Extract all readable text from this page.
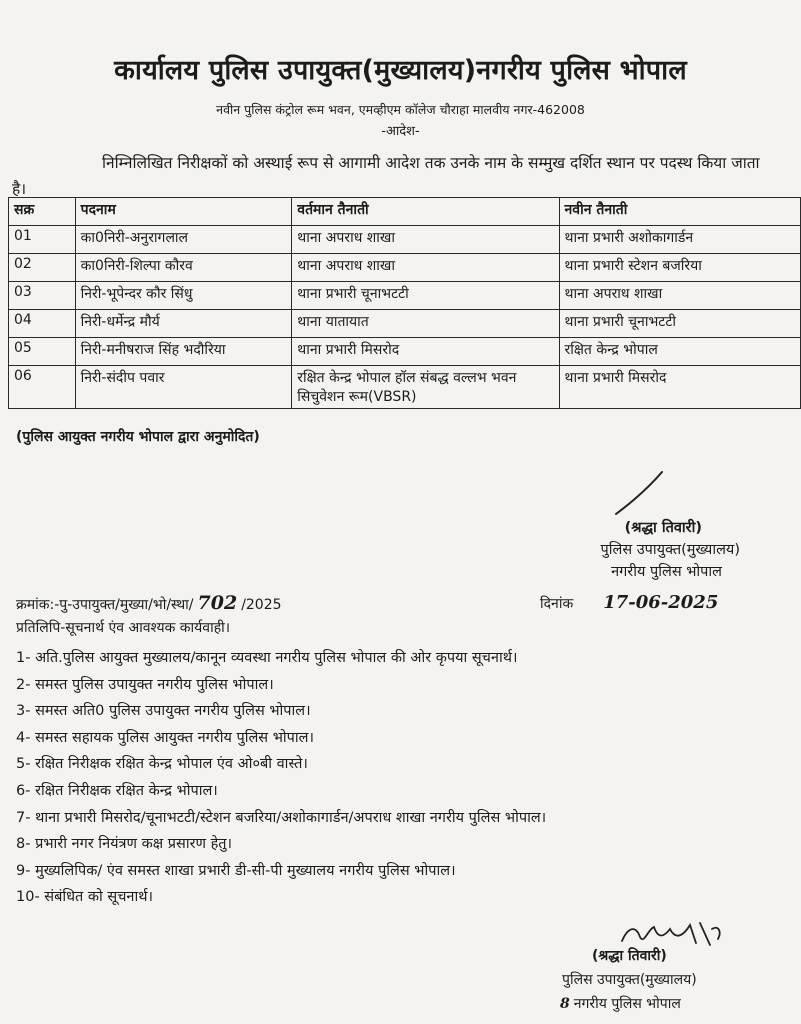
कार्यालय पुलिस उपायुक्त(मुख्यालय)नगरीय पुलिस भोपाल
नवीन पुलिस कंट्रोल रूम भवन, एमव्हीएम कॉलेज चौराहा मालवीय नगर-462008
-आदेश-
निम्निलिखित निरीक्षकों को अस्थाई रूप से आगामी आदेश तक उनके नाम के सम्मुख दर्शित स्थान पर पदस्थ किया जाता है।
सक्र	पदनाम	वर्तमान तैनाती	नवीन तैनाती
01	का0निरी-अनुरागलाल	थाना अपराध शाखा	थाना प्रभारी अशोकागार्डन
02	का0निरी-शिल्पा कौरव	थाना अपराध शाखा	थाना प्रभारी स्टेशन बजरिया
03	निरी-भूपेन्दर कौर सिंधु	थाना प्रभारी चूनाभटटी	थाना अपराध शाखा
04	निरी-धर्मेन्द्र मौर्य	थाना यातायात	थाना प्रभारी चूनाभटटी
05	निरी-मनीषराज सिंह भदौरिया	थाना प्रभारी मिसरोद	रक्षित केन्द्र भोपाल
06	निरी-संदीप पवार	रक्षित केन्द्र भोपाल हॉल संबद्ध वल्लभ भवन सिचुवेशन रूम(VBSR)	थाना प्रभारी मिसरोद
(पुलिस आयुक्त नगरीय भोपाल द्वारा अनुमोदित)
(श्रद्धा तिवारी)
पुलिस उपायुक्त(मुख्यालय)
नगरीय पुलिस भोपाल
क्रमांक:-पु-उपायुक्त/मुख्या/भो/स्था/ 702 /2025	दिनांक 17-06-2025
प्रतिलिपि-सूचनार्थ एंव आवश्यक कार्यवाही।
1- अति.पुलिस आयुक्त मुख्यालय/कानून व्यवस्था नगरीय पुलिस भोपाल की ओर कृपया सूचनार्थ।
2- समस्त पुलिस उपायुक्त नगरीय पुलिस भोपाल।
3- समस्त अति0 पुलिस उपायुक्त नगरीय पुलिस भोपाल।
4- समस्त सहायक पुलिस आयुक्त नगरीय पुलिस भोपाल।
5- रक्षित निरीक्षक रक्षित केन्द्र भोपाल एंव ओ०बी वास्ते।
6- रक्षित निरीक्षक रक्षित केन्द्र भोपाल।
7- थाना प्रभारी मिसरोद/चूनाभटटी/स्टेशन बजरिया/अशोकागार्डन/अपराध शाखा नगरीय पुलिस भोपाल।
8- प्रभारी नगर नियंत्रण कक्ष प्रसारण हेतु।
9- मुख्यलिपिक/ एंव समस्त शाखा प्रभारी डी-सी-पी मुख्यालय नगरीय पुलिस भोपाल।
10- संबंधित को सूचनार्थ।
(श्रद्धा तिवारी)
पुलिस उपायुक्त(मुख्यालय)
8 नगरीय पुलिस भोपाल
